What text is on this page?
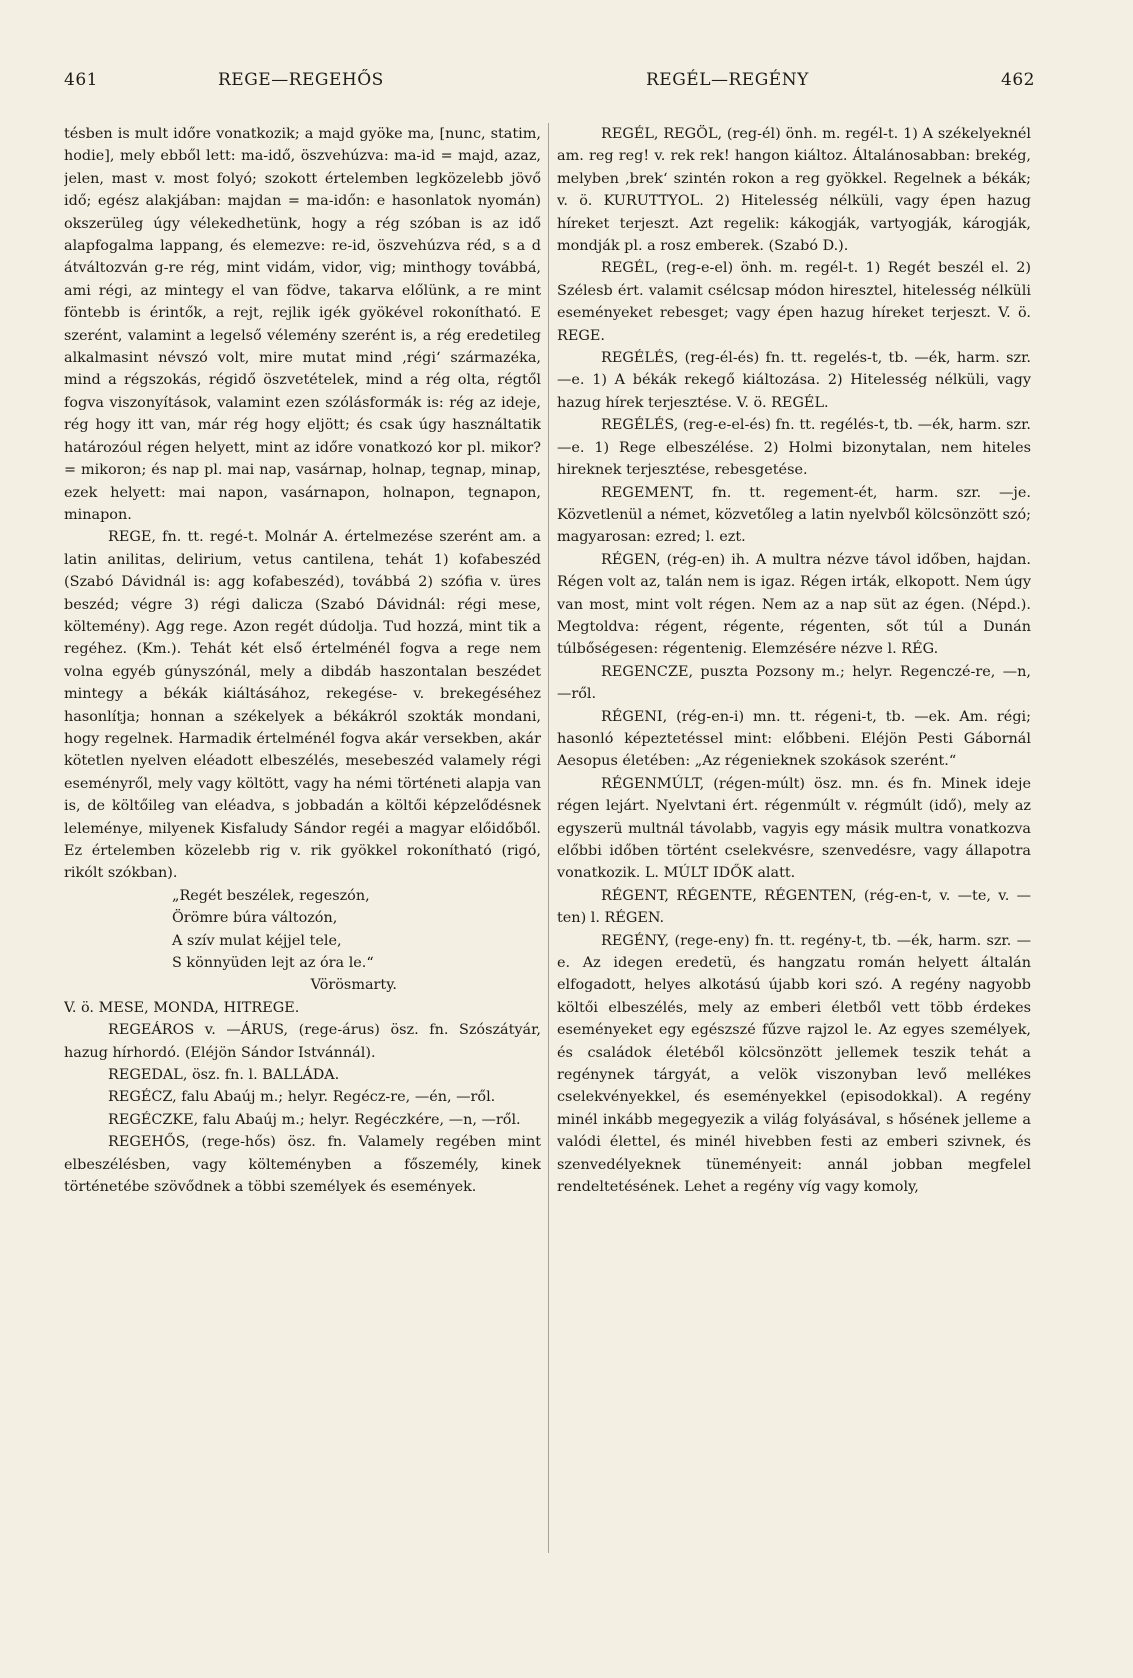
461	REGE—REGEHŐS	REGÉL—REGÉNY	462

tésben is mult időre vonatkozik; a majd gyöke ma, [nunc, statim, hodie], mely ebből lett: ma-idő, öszvehúzva: ma-id = majd, azaz, jelen, mast v. most folyó; szokott értelemben legközelebb jövő idő; egész alakjában: majdan = ma-időn: e hasonlatok nyomán) okszerüleg úgy vélekedhetünk, hogy a rég szóban is az idő alapfogalma lappang, és elemezve: re-id, öszvehúzva réd, s a d átváltozván g-re rég, mint vidám, vidor, vig; minthogy továbbá, ami régi, az mintegy el van födve, takarva előlünk, a re mint föntebb is érintők, a rejt, rejlik igék gyökével rokonítható. E szerént, valamint a legelső vélemény szerént is, a rég eredetileg alkalmasint névszó volt, mire mutat mind ‚régi‘ származéka, mind a régszokás, régidő öszvetételek, mind a rég olta, régtől fogva viszonyítások, valamint ezen szólásformák is: rég az ideje, rég hogy itt van, már rég hogy eljött; és csak úgy használtatik határozóul régen helyett, mint az időre vonatkozó kor pl. mikor? = mikoron; és nap pl. mai nap, vasárnap, holnap, tegnap, minap, ezek helyett: mai napon, vasárnapon, holnapon, tegnapon, minapon.

REGE, fn. tt. regé-t. Molnár A. értelmezése szerént am. a latin anilitas, delirium, vetus cantilena, tehát 1) kofabeszéd (Szabó Dávidnál is: agg kofabeszéd), továbbá 2) szófia v. üres beszéd; végre 3) régi dalicza (Szabó Dávidnál: régi mese, költemény). Agg rege. Azon regét dúdolja. Tud hozzá, mint tik a regéhez. (Km.). Tehát két első értelménél fogva a rege nem volna egyéb gúnyszónál, mely a dibdáb haszontalan beszédet mintegy a békák kiáltásához, rekegése- v. brekegéséhez hasonlítja; honnan a székelyek a békákról szokták mondani, hogy regelnek. Harmadik értelménél fogva akár versekben, akár kötetlen nyelven eléadott elbeszélés, mesebeszéd valamely régi eseményről, mely vagy költött, vagy ha némi történeti alapja van is, de költőileg van eléadva, s jobbadán a költői képzelődésnek leleménye, milyenek Kisfaludy Sándor regéi a magyar előidőből. Ez értelemben közelebb rig v. rik gyökkel rokonítható (rigó, rikólt szókban).

„Regét beszélek, regeszón,

Örömre búra változón,

A szív mulat kéjjel tele,

S könnyüden lejt az óra le.“

Vörösmarty.

V. ö. MESE, MONDA, HITREGE.

REGEÁROS v. —ÁRUS, (rege-árus) ösz. fn. Szószátyár, hazug hírhordó. (Eléjön Sándor Istvánnál).

REGEDAL, ösz. fn. l. BALLÁDA.

REGÉCZ, falu Abaúj m.; helyr. Regécz-re, —én, —ről.

REGÉCZKE, falu Abaúj m.; helyr. Regéczkére, —n, —ről.

REGEHŐS, (rege-hős) ösz. fn. Valamely regében mint elbeszélésben, vagy költeményben a főszemély, kinek történetébe szövődnek a többi személyek és események.

REGÉL, REGÖL, (reg-él) önh. m. regél-t. 1) A székelyeknél am. reg reg! v. rek rek! hangon kiáltoz. Általánosabban: brekég, melyben ‚brek‘ szintén rokon a reg gyökkel. Regelnek a békák; v. ö. KURUTTYOL. 2) Hitelesség nélküli, vagy épen hazug híreket terjeszt. Azt regelik: kákogják, vartyogják, károgják, mondják pl. a rosz emberek. (Szabó D.).

REGÉL, (reg-e-el) önh. m. regél-t. 1) Regét beszél el. 2) Szélesb ért. valamit csélcsap módon hiresztel, hitelesség nélküli eseményeket rebesget; vagy épen hazug híreket terjeszt. V. ö. REGE.

REGÉLÉS, (reg-él-és) fn. tt. regelés-t, tb. —ék, harm. szr. —e. 1) A békák rekegő kiáltozása. 2) Hitelesség nélküli, vagy hazug hírek terjesztése. V. ö. REGÉL.

REGÉLÉS, (reg-e-el-és) fn. tt. regélés-t, tb. —ék, harm. szr. —e. 1) Rege elbeszélése. 2) Holmi bizonytalan, nem hiteles hireknek terjesztése, rebesgetése.

REGEMENT, fn. tt. regement-ét, harm. szr. —je. Közvetlenül a német, közvetőleg a latin nyelvből kölcsönzött szó; magyarosan: ezred; l. ezt.

RÉGEN, (rég-en) ih. A multra nézve távol időben, hajdan. Régen volt az, talán nem is igaz. Régen irták, elkopott. Nem úgy van most, mint volt régen. Nem az a nap süt az égen. (Népd.). Megtoldva: régent, régente, régenten, sőt túl a Dunán túlbőségesen: régentenig. Elemzésére nézve l. RÉG.

REGENCZE, puszta Pozsony m.; helyr. Regenczé-re, —n, —ről.

RÉGENI, (rég-en-i) mn. tt. régeni-t, tb. —ek. Am. régi; hasonló képeztetéssel mint: előbbeni. Eléjön Pesti Gábornál Aesopus életében: „Az régenieknek szokások szerént.“

RÉGENMÚLT, (régen-múlt) ösz. mn. és fn. Minek ideje régen lejárt. Nyelvtani ért. régenmúlt v. régmúlt (idő), mely az egyszerü multnál távolabb, vagyis egy másik multra vonatkozva előbbi időben történt cselekvésre, szenvedésre, vagy állapotra vonatkozik. L. MÚLT IDŐK alatt.

RÉGENT, RÉGENTE, RÉGENTEN, (rég-en-t, v. —te, v. —ten) l. RÉGEN.

REGÉNY, (rege-eny) fn. tt. regény-t, tb. —ék, harm. szr. —e. Az idegen eredetü, és hangzatu román helyett általán elfogadott, helyes alkotású újabb kori szó. A regény nagyobb költői elbeszélés, mely az emberi életből vett több érdekes eseményeket egy egészszé fűzve rajzol le. Az egyes személyek, és családok életéből kölcsönzött jellemek teszik tehát a regénynek tárgyát, a velök viszonyban levő mellékes cselekvényekkel, és eseményekkel (episodokkal). A regény minél inkább megegyezik a világ folyásával, s hősének jelleme a valódi élettel, és minél hivebben festi az emberi szivnek, és szenvedélyeknek tüneményeit: annál jobban megfelel rendeltetésének. Lehet a regény víg vagy komoly,
